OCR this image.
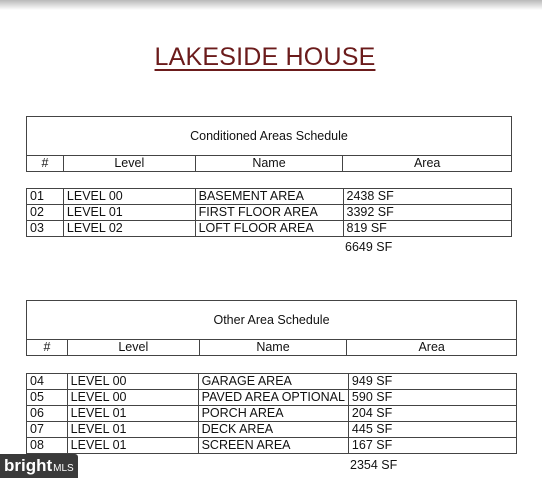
LAKESIDE HOUSE
Conditioned Areas Schedule
#	Level	Name	Area
01	LEVEL 00	BASEMENT AREA	2438 SF
02	LEVEL 01	FIRST FLOOR AREA	3392 SF
03	LEVEL 02	LOFT FLOOR AREA	819 SF
6649 SF
Other Area Schedule
#	Level	Name	Area
04	LEVEL 00	GARAGE AREA	949 SF
05	LEVEL 00	PAVED AREA OPTIONAL	590 SF
06	LEVEL 01	PORCH AREA	204 SF
07	LEVEL 01	DECK AREA	445 SF
08	LEVEL 01	SCREEN AREA	167 SF
2354 SF
brightMLS
